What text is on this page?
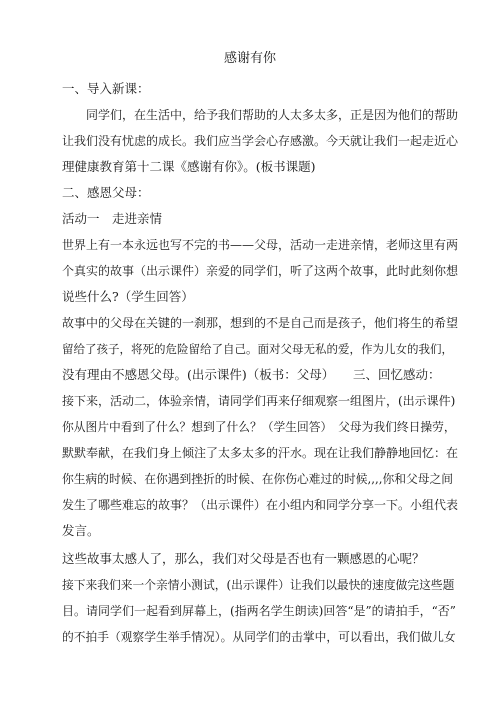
感谢有你

一、导入新课：

同学们，在生活中，给予我们帮助的人太多太多，正是因为他们的帮助

让我们没有忧虑的成长。我们应当学会心存感激。今天就让我们一起走近心

理健康教育第十二课《感谢有你》。(板书课题)

二、感恩父母：

活动一　走进亲情

世界上有一本永远也写不完的书——父母，活动一走进亲情，老师这里有两

个真实的故事（出示课件）亲爱的同学们，听了这两个故事，此时此刻你想

说些什么?（学生回答）

故事中的父母在关键的一刹那，想到的不是自己而是孩子，他们将生的希望

留给了孩子，将死的危险留给了自己。面对父母无私的爱，作为儿女的我们，

没有理由不感恩父母。(出示课件)（板书：父母）　　三、回忆感动：

接下来，活动二，体验亲情，请同学们再来仔细观察一组图片，(出示课件)

你从图片中看到了什么？想到了什么？（学生回答）　父母为我们终日操劳，

默默奉献，在我们身上倾注了太多太多的汗水。现在让我们静静地回忆：在

你生病的时候、在你遇到挫折的时候、在你伤心难过的时候,,,,你和父母之间

发生了哪些难忘的故事？（出示课件）在小组内和同学分享一下。小组代表

发言。

这些故事太感人了，那么，我们对父母是否也有一颗感恩的心呢？

接下来我们来一个亲情小测试，(出示课件）让我们以最快的速度做完这些题

目。请同学们一起看到屏幕上，(指两名学生朗读)回答“是”的请拍手，“否”

的不拍手（观察学生举手情况）。从同学们的击掌中，可以看出，我们做儿女
